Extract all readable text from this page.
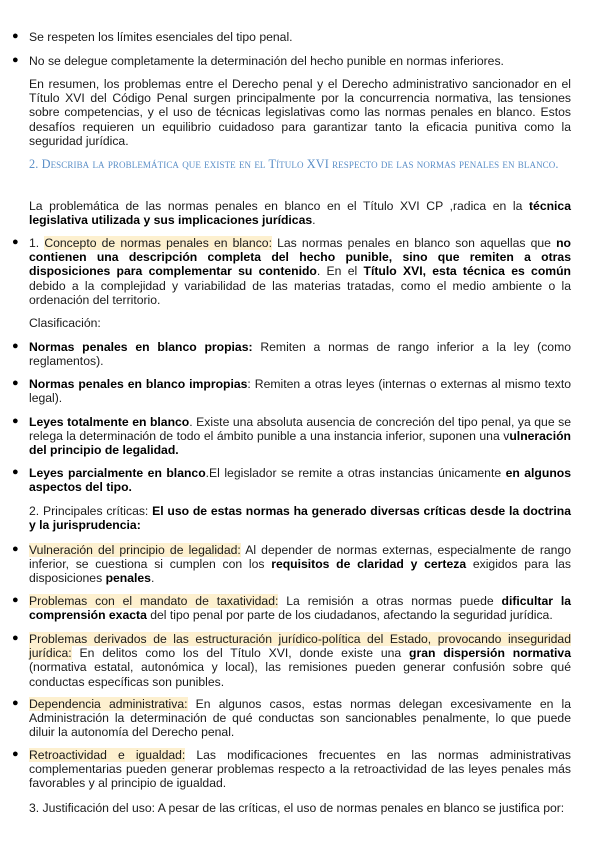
● Se respeten los límites esenciales del tipo penal.
● No se delegue completamente la determinación del hecho punible en normas inferiores.
En resumen, los problemas entre el Derecho penal y el Derecho administrativo sancionador en el Título XVI del Código Penal surgen principalmente por la concurrencia normativa, las tensiones sobre competencias, y el uso de técnicas legislativas como las normas penales en blanco. Estos desafíos requieren un equilibrio cuidadoso para garantizar tanto la eficacia punitiva como la seguridad jurídica.
2. Describa la problemática que existe en el Título XVI respecto de las normas penales en blanco.
La problemática de las normas penales en blanco en el Título XVI CP ,radica en la técnica legislativa utilizada y sus implicaciones jurídicas.
● 1. Concepto de normas penales en blanco: Las normas penales en blanco son aquellas que no contienen una descripción completa del hecho punible, sino que remiten a otras disposiciones para complementar su contenido. En el Título XVI, esta técnica es común debido a la complejidad y variabilidad de las materias tratadas, como el medio ambiente o la ordenación del territorio.
Clasificación:
● Normas penales en blanco propias: Remiten a normas de rango inferior a la ley (como reglamentos).
● Normas penales en blanco impropias: Remiten a otras leyes (internas o externas al mismo texto legal).
● Leyes totalmente en blanco. Existe una absoluta ausencia de concreción del tipo penal, ya que se relega la determinación de todo el ámbito punible a una instancia inferior, suponen una vulneración del principio de legalidad.
● Leyes parcialmente en blanco.El legislador se remite a otras instancias únicamente en algunos aspectos del tipo.
2. Principales críticas: El uso de estas normas ha generado diversas críticas desde la doctrina y la jurisprudencia:
● Vulneración del principio de legalidad: Al depender de normas externas, especialmente de rango inferior, se cuestiona si cumplen con los requisitos de claridad y certeza exigidos para las disposiciones penales.
● Problemas con el mandato de taxatividad: La remisión a otras normas puede dificultar la comprensión exacta del tipo penal por parte de los ciudadanos, afectando la seguridad jurídica.
● Problemas derivados de las estructuración jurídico-política del Estado, provocando inseguridad jurídica: En delitos como los del Título XVI, donde existe una gran dispersión normativa (normativa estatal, autonómica y local), las remisiones pueden generar confusión sobre qué conductas específicas son punibles.
● Dependencia administrativa: En algunos casos, estas normas delegan excesivamente en la Administración la determinación de qué conductas son sancionables penalmente, lo que puede diluir la autonomía del Derecho penal.
● Retroactividad e igualdad: Las modificaciones frecuentes en las normas administrativas complementarias pueden generar problemas respecto a la retroactividad de las leyes penales más favorables y al principio de igualdad.
3. Justificación del uso: A pesar de las críticas, el uso de normas penales en blanco se justifica por:
